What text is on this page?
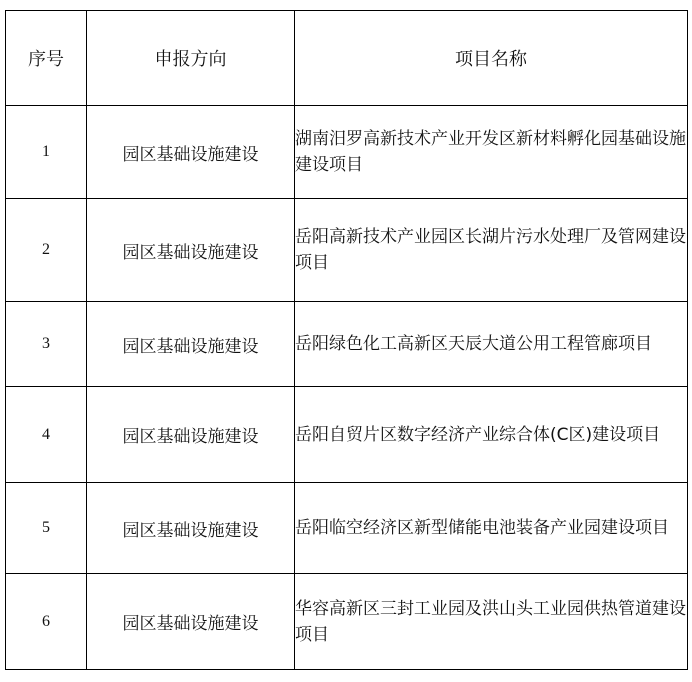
序号	申报方向	项目名称
1	园区基础设施建设	湖南汨罗高新技术产业开发区新材料孵化园基础设施建设项目
2	园区基础设施建设	岳阳高新技术产业园区长湖片污水处理厂及管网建设项目
3	园区基础设施建设	岳阳绿色化工高新区天辰大道公用工程管廊项目
4	园区基础设施建设	岳阳自贸片区数字经济产业综合体(C区)建设项目
5	园区基础设施建设	岳阳临空经济区新型储能电池装备产业园建设项目
6	园区基础设施建设	华容高新区三封工业园及洪山头工业园供热管道建设项目
